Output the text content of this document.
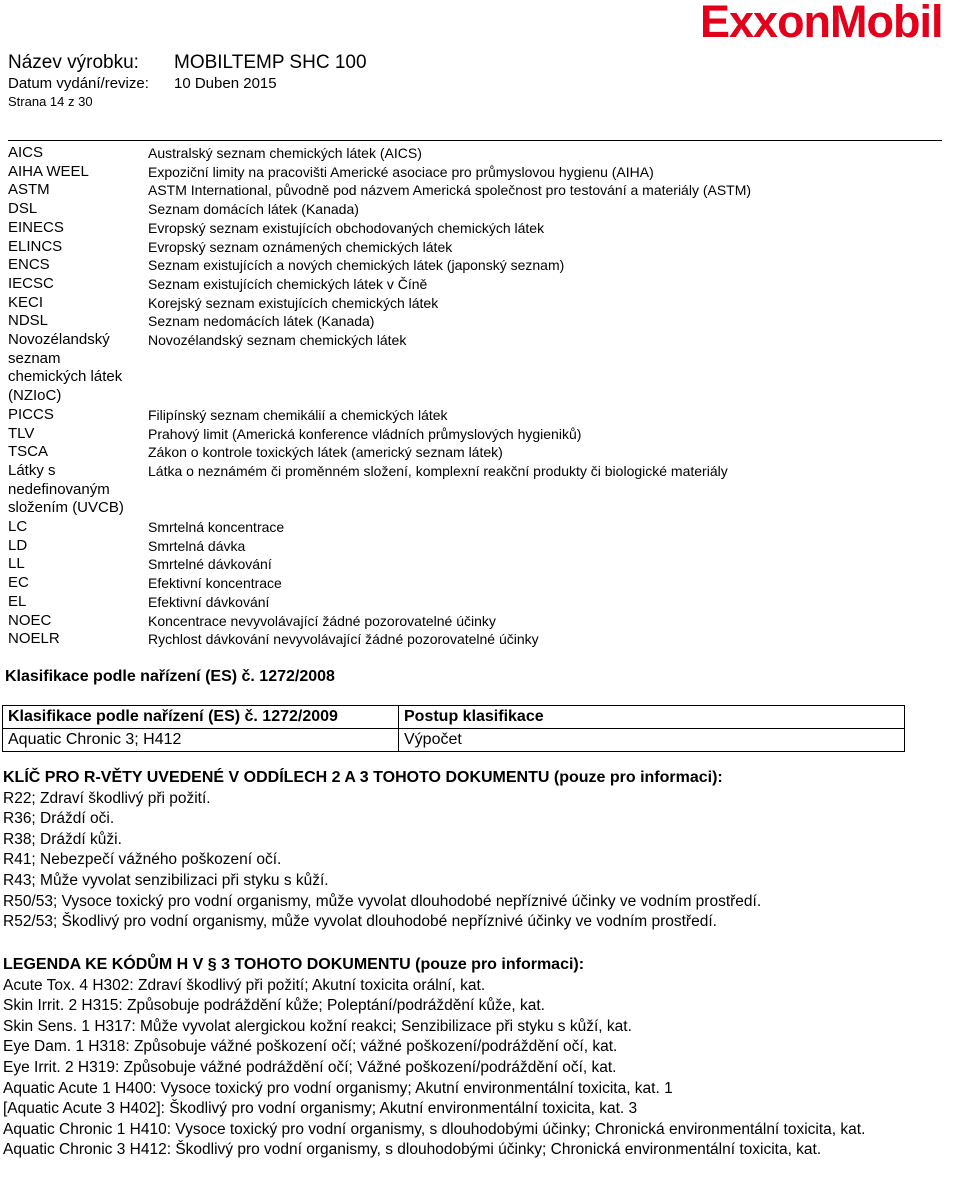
Název výrobku: MOBILTEMP SHC 100
Datum vydání/revize: 10 Duben 2015
Strana 14 z 30
ExxonMobil
AICS	Australský seznam chemických látek (AICS)
AIHA WEEL	Expoziční limity na pracovišti Americké asociace pro průmyslovou hygienu (AIHA)
ASTM	ASTM International, původně pod názvem Americká společnost pro testování a materiály (ASTM)
DSL	Seznam domácích látek (Kanada)
EINECS	Evropský seznam existujících obchodovaných chemických látek
ELINCS	Evropský seznam oznámených chemických látek
ENCS	Seznam existujících a nových chemických látek (japonský seznam)
IECSC	Seznam existujících chemických látek v Číně
KECI	Korejský seznam existujících chemických látek
NDSL	Seznam nedomácích látek (Kanada)
Novozélandský	Novozélandský seznam chemických látek
seznam
chemických látek
(NZIoC)
PICCS	Filipínský seznam chemikálií a chemických látek
TLV	Prahový limit (Americká konference vládních průmyslových hygieniků)
TSCA	Zákon o kontrole toxických látek (americký seznam látek)
Látky s	Látka o neznámém či proměnném složení, komplexní reakční produkty či biologické materiály
nedefinovaným
složením (UVCB)
LC	Smrtelná koncentrace
LD	Smrtelná dávka
LL	Smrtelné dávkování
EC	Efektivní koncentrace
EL	Efektivní dávkování
NOEC	Koncentrace nevyvolávající žádné pozorovatelné účinky
NOELR	Rychlost dávkování nevyvolávající žádné pozorovatelné účinky
Klasifikace podle nařízení (ES) č. 1272/2008
Klasifikace podle nařízení (ES) č. 1272/2009	Postup klasifikace
Aquatic Chronic 3; H412	Výpočet
KLÍČ PRO R-VĚTY UVEDENÉ V ODDÍLECH 2 A 3 TOHOTO DOKUMENTU (pouze pro informaci):
R22; Zdraví škodlivý při požití.
R36; Dráždí oči.
R38; Dráždí kůži.
R41; Nebezpečí vážného poškození očí.
R43; Může vyvolat senzibilizaci při styku s kůží.
R50/53; Vysoce toxický pro vodní organismy, může vyvolat dlouhodobé nepříznivé účinky ve vodním prostředí.
R52/53; Škodlivý pro vodní organismy, může vyvolat dlouhodobé nepříznivé účinky ve vodním prostředí.
LEGENDA KE KÓDŮM H V § 3 TOHOTO DOKUMENTU (pouze pro informaci):
Acute Tox. 4 H302: Zdraví škodlivý při požití; Akutní toxicita orální, kat.
Skin Irrit. 2 H315: Způsobuje podráždění kůže; Poleptání/podráždění kůže, kat.
Skin Sens. 1 H317: Může vyvolat alergickou kožní reakci; Senzibilizace při styku s kůží, kat.
Eye Dam. 1 H318: Způsobuje vážné poškození očí; vážné poškození/podráždění očí, kat.
Eye Irrit. 2 H319: Způsobuje vážné podráždění očí; Vážné poškození/podráždění očí, kat.
Aquatic Acute 1 H400: Vysoce toxický pro vodní organismy; Akutní environmentální toxicita, kat. 1
[Aquatic Acute 3 H402]: Škodlivý pro vodní organismy; Akutní environmentální toxicita, kat. 3
Aquatic Chronic 1 H410: Vysoce toxický pro vodní organismy, s dlouhodobými účinky; Chronická environmentální toxicita, kat.
Aquatic Chronic 3 H412: Škodlivý pro vodní organismy, s dlouhodobými účinky; Chronická environmentální toxicita, kat.
